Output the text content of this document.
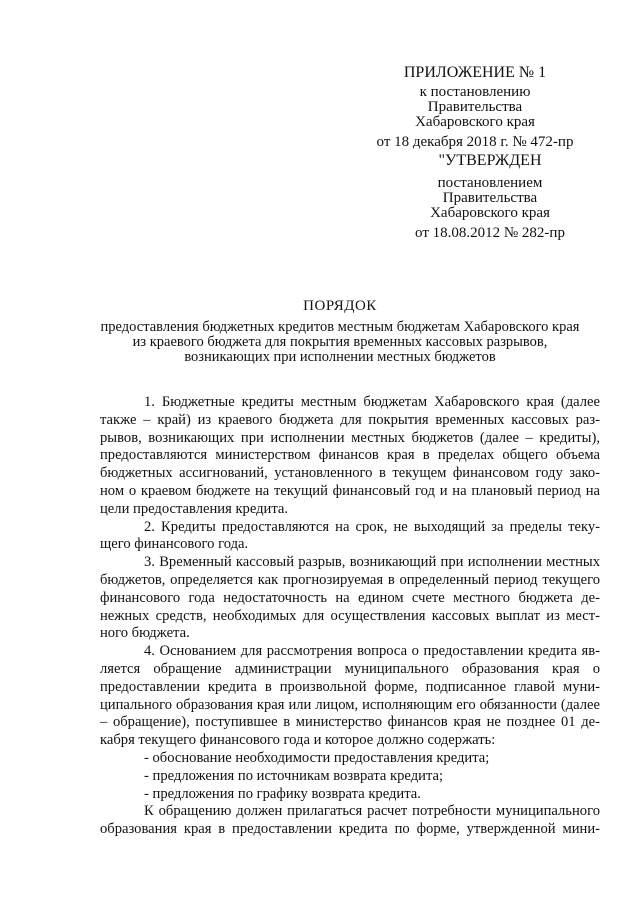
ПРИЛОЖЕНИЕ № 1
к постановлению
Правительства
Хабаровского края
от 18 декабря 2018 г. № 472-пр
"УТВЕРЖДЕН
постановлением
Правительства
Хабаровского края
от 18.08.2012 № 282-пр
ПОРЯДОК
предоставления бюджетных кредитов местным бюджетам Хабаровского края
из краевого бюджета для покрытия временных кассовых разрывов,
возникающих при исполнении местных бюджетов
1. Бюджетные кредиты местным бюджетам Хабаровского края (далее
также – край) из краевого бюджета для покрытия временных кассовых раз-
рывов, возникающих при исполнении местных бюджетов (далее – кредиты),
предоставляются министерством финансов края в пределах общего объема
бюджетных ассигнований, установленного в текущем финансовом году зако-
ном о краевом бюджете на текущий финансовый год и на плановый период на
цели предоставления кредита.
2. Кредиты предоставляются на срок, не выходящий за пределы теку-
щего финансового года.
3. Временный кассовый разрыв, возникающий при исполнении местных
бюджетов, определяется как прогнозируемая в определенный период текущего
финансового года недостаточность на едином счете местного бюджета де-
нежных средств, необходимых для осуществления кассовых выплат из мест-
ного бюджета.
4. Основанием для рассмотрения вопроса о предоставлении кредита яв-
ляется обращение администрации муниципального образования края о
предоставлении кредита в произвольной форме, подписанное главой муни-
ципального образования края или лицом, исполняющим его обязанности (далее
– обращение), поступившее в министерство финансов края не позднее 01 де-
кабря текущего финансового года и которое должно содержать:
- обоснование необходимости предоставления кредита;
- предложения по источникам возврата кредита;
- предложения по графику возврата кредита.
К обращению должен прилагаться расчет потребности муниципального
образования края в предоставлении кредита по форме, утвержденной мини-
